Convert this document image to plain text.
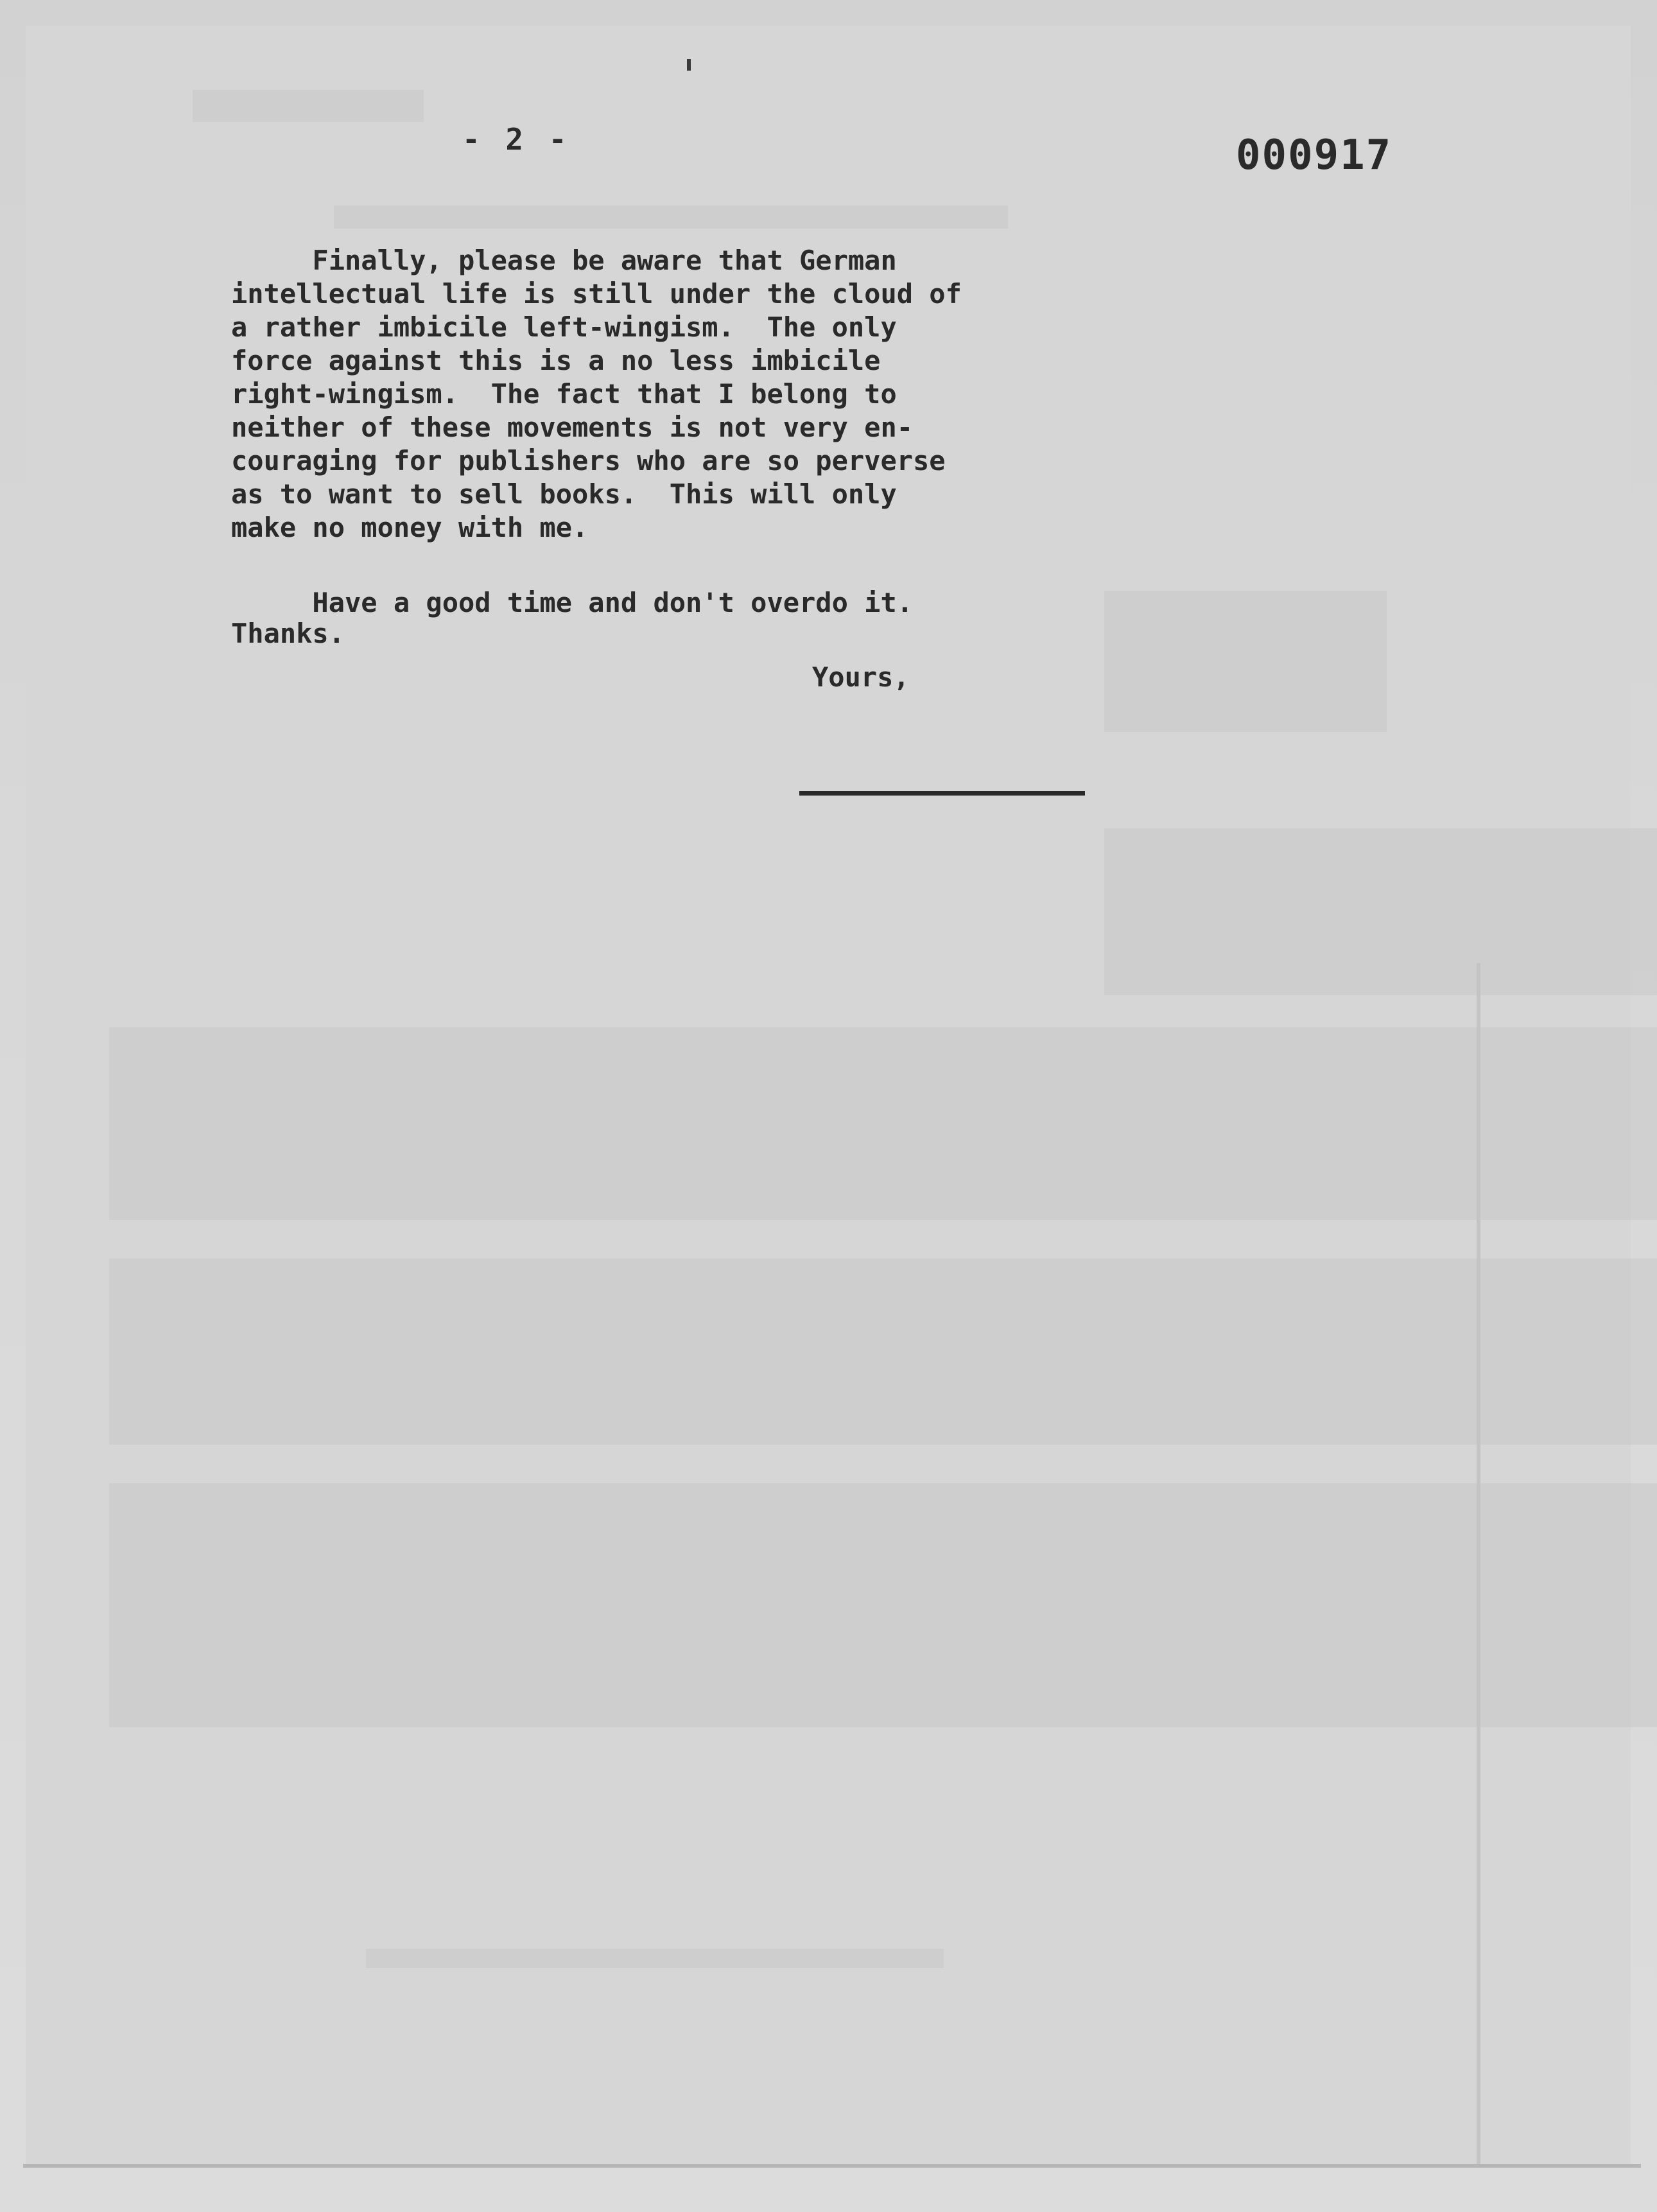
- 2 -	000917
Finally, please be aware that German
intellectual life is still under the cloud of
a rather imbicile left-wingism.  The only
force against this is a no less imbicile
right-wingism.  The fact that I belong to
neither of these movements is not very en-
couraging for publishers who are so perverse
as to want to sell books.  This will only
make no money with me.
Have a good time and don't overdo it.
Thanks.
Yours,
